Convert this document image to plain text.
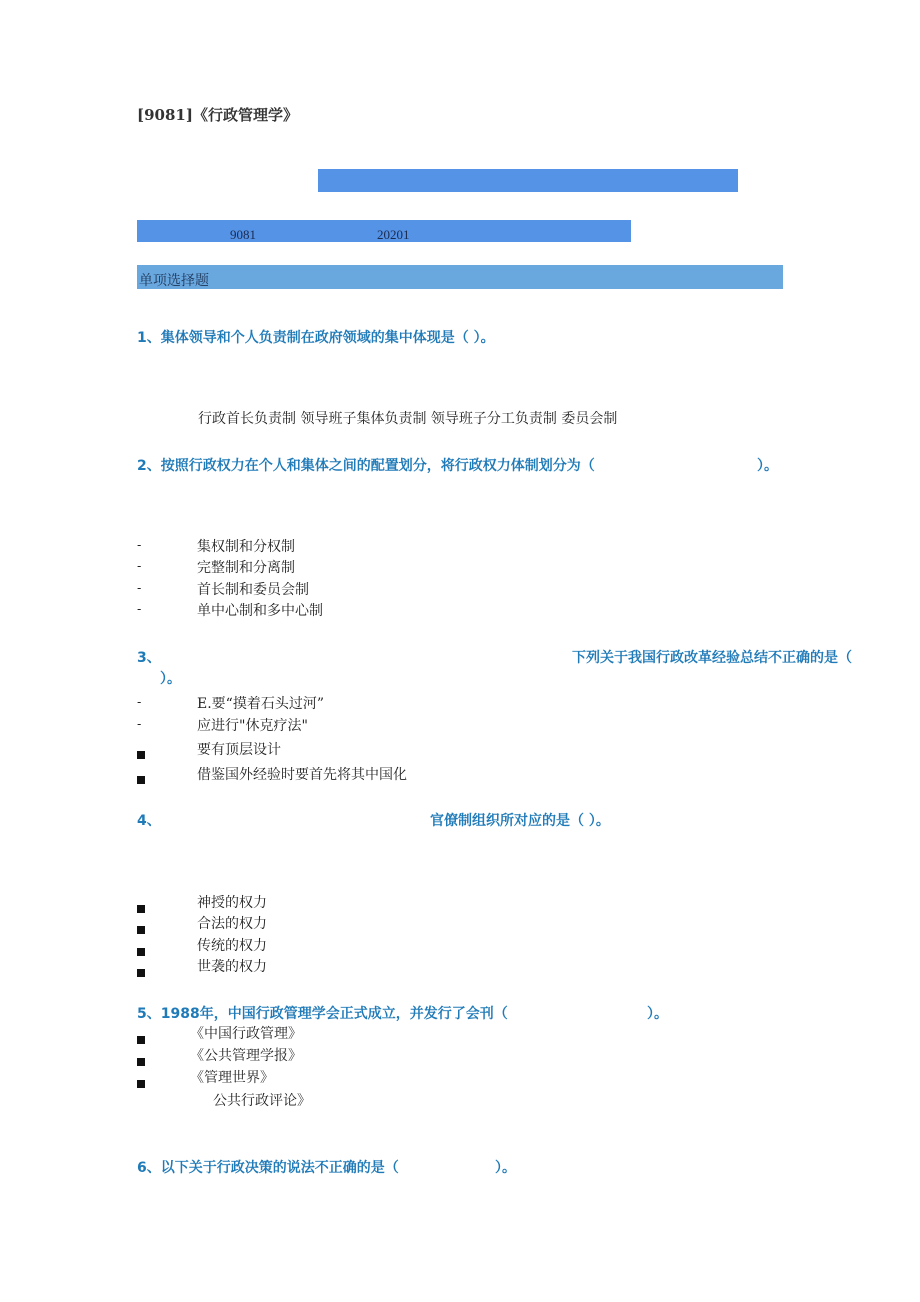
[9081]《行政管理学》
9081	20201
单项选择题
1、集体领导和个人负责制在政府领域的集中体现是（ ）。
行政首长负责制 领导班子集体负责制 领导班子分工负责制 委员会制
2、按照行政权力在个人和集体之间的配置划分，将行政权力体制划分为（	）。
-	集权制和分权制
-	完整制和分离制
-	首长制和委员会制
-	单中心制和多中心制
3、	下列关于我国行政改革经验总结不正确的是（
）。
-	E.要“摸着石头过河”
-	应进行"休克疗法"
要有顶层设计
借鉴国外经验时要首先将其中国化
4、	官僚制组织所对应的是（ ）。
神授的权力
合法的权力
传统的权力
世袭的权力
5、1988年，中国行政管理学会正式成立，并发行了会刊（	）。
《中国行政管理》
《公共管理学报》
《管理世界》
公共行政评论》
6、以下关于行政决策的说法不正确的是（	）。
